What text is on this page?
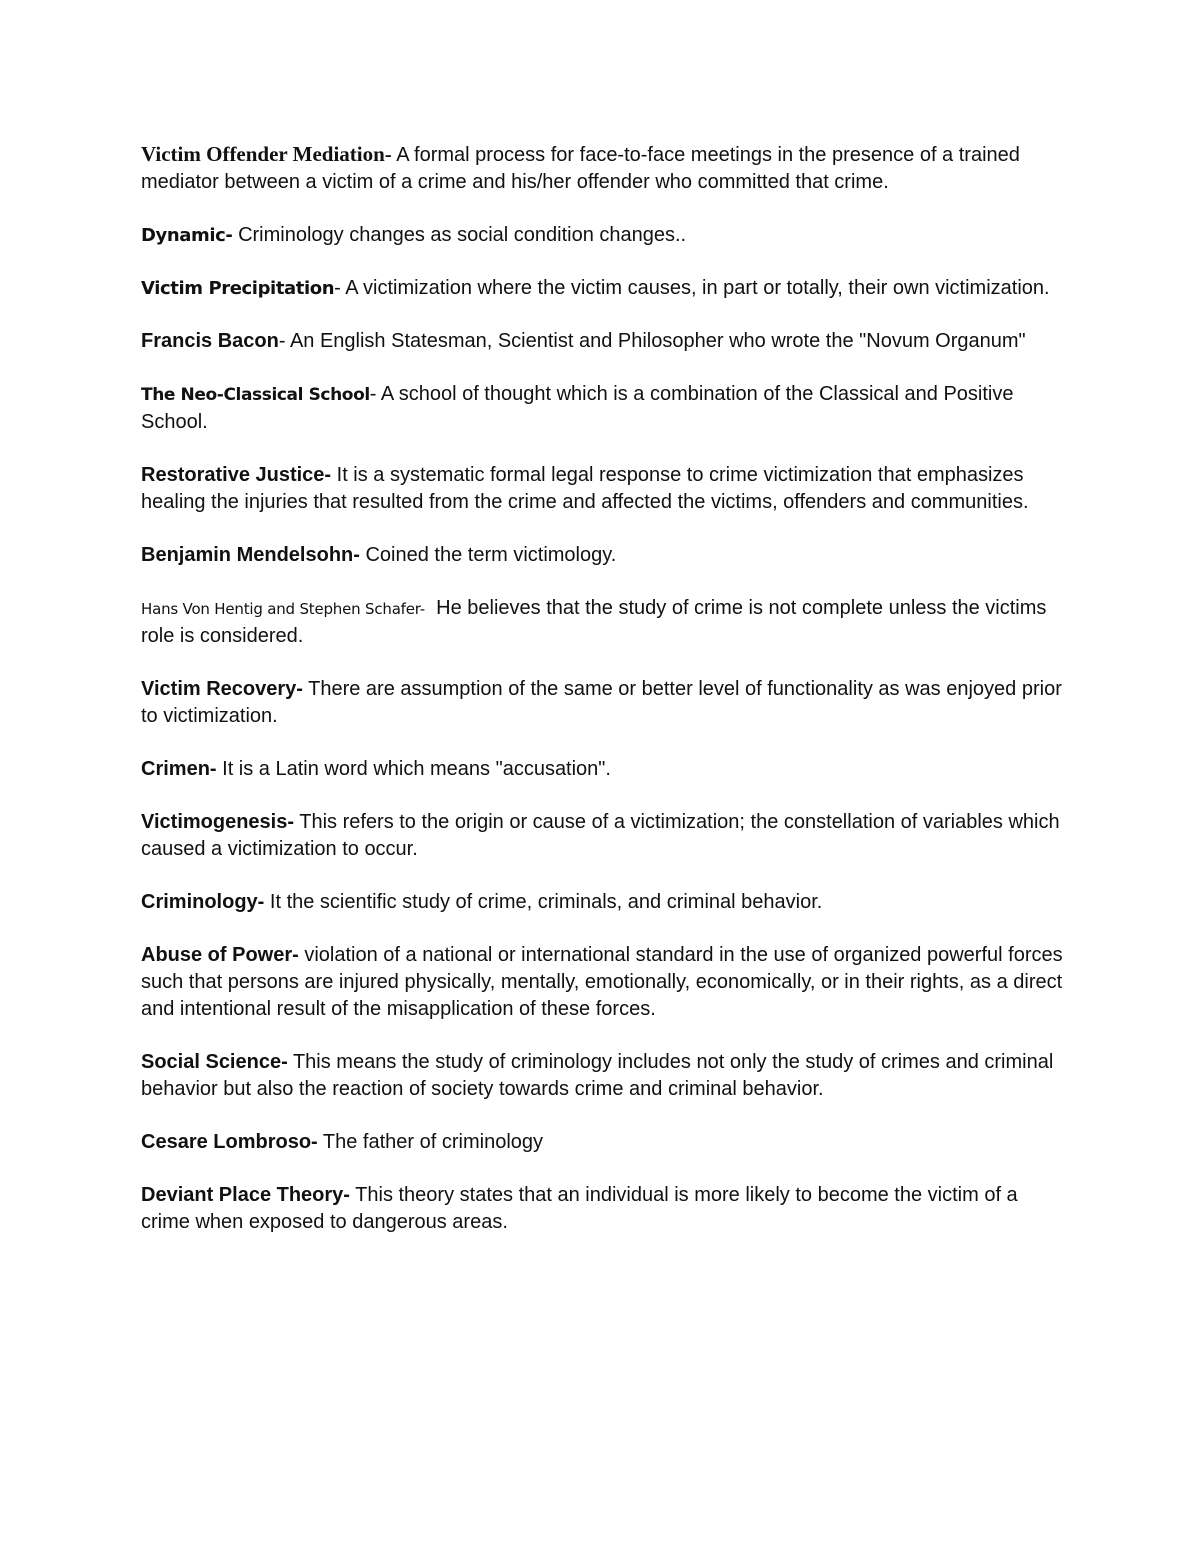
Victim Offender Mediation- A formal process for face-to-face meetings in the presence of a trained mediator between a victim of a crime and his/her offender who committed that crime.

Dynamic- Criminology changes as social condition changes..

Victim Precipitation- A victimization where the victim causes, in part or totally, their own victimization.

Francis Bacon- An English Statesman, Scientist and Philosopher who wrote the "Novum Organum"

The Neo-Classical School- A school of thought which is a combination of the Classical and Positive School.

Restorative Justice- It is a systematic formal legal response to crime victimization that emphasizes healing the injuries that resulted from the crime and affected the victims, offenders and communities.

Benjamin Mendelsohn- Coined the term victimology.

Hans Von Hentig and Stephen Schafer-  He believes that the study of crime is not complete unless the victims role is considered.

Victim Recovery- There are assumption of the same or better level of functionality as was enjoyed prior to victimization.

Crimen- It is a Latin word which means "accusation".

Victimogenesis- This refers to the origin or cause of a victimization; the constellation of variables which caused a victimization to occur.

Criminology- It the scientific study of crime, criminals, and criminal behavior.

Abuse of Power- violation of a national or international standard in the use of organized powerful forces such that persons are injured physically, mentally, emotionally, economically, or in their rights, as a direct and intentional result of the misapplication of these forces.

Social Science- This means the study of criminology includes not only the study of crimes and criminal behavior but also the reaction of society towards crime and criminal behavior.

Cesare Lombroso- The father of criminology

Deviant Place Theory- This theory states that an individual is more likely to become the victim of a crime when exposed to dangerous areas.
